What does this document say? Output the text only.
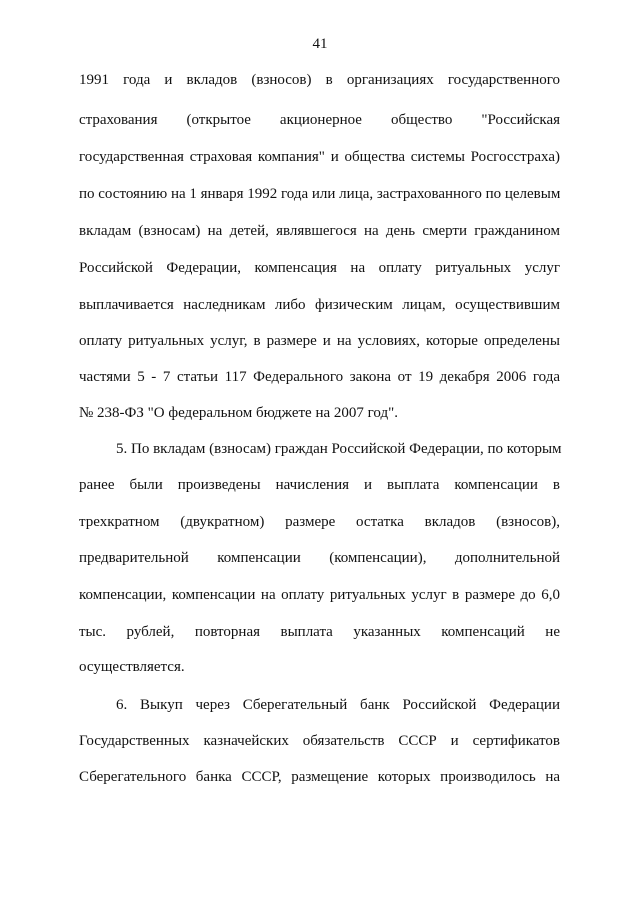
41
1991 года и вкладов (взносов) в организациях государственного
страхования (открытое акционерное общество "Российская
государственная страховая компания" и общества системы Росгосстраха)
по состоянию на 1 января 1992 года или лица, застрахованного по целевым
вкладам (взносам) на детей, являвшегося на день смерти гражданином
Российской Федерации, компенсация на оплату ритуальных услуг
выплачивается наследникам либо физическим лицам, осуществившим
оплату ритуальных услуг, в размере и на условиях, которые определены
частями 5 - 7 статьи 117 Федерального закона от 19 декабря 2006 года
№ 238-ФЗ "О федеральном бюджете на 2007 год".
5. По вкладам (взносам) граждан Российской Федерации, по которым
ранее были произведены начисления и выплата компенсации в
трехкратном (двукратном) размере остатка вкладов (взносов),
предварительной компенсации (компенсации), дополнительной
компенсации, компенсации на оплату ритуальных услуг в размере до 6,0
тыс. рублей, повторная выплата указанных компенсаций не
осуществляется.
6. Выкуп через Сберегательный банк Российской Федерации
Государственных казначейских обязательств СССР и сертификатов
Сберегательного банка СССР, размещение которых производилось на
